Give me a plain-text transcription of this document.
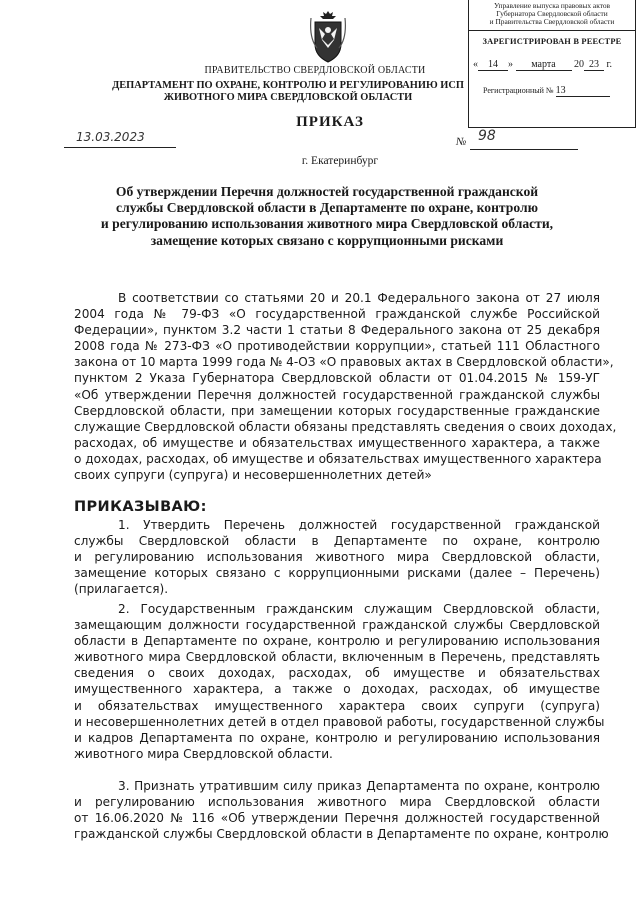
Управление выпуска правовых актов
Губернатора Свердловской области
и Правительства Свердловской области
ЗАРЕГИСТРИРОВАН В РЕЕСТРЕ
« 14 » марта 20 23 г.
Регистрационный № 13
ПРАВИТЕЛЬСТВО СВЕРДЛОВСКОЙ ОБЛАСТИ
ДЕПАРТАМЕНТ ПО ОХРАНЕ, КОНТРОЛЮ И РЕГУЛИРОВАНИЮ ИСП
ЖИВОТНОГО МИРА СВЕРДЛОВСКОЙ ОБЛАСТИ
ПРИКАЗ
13.03.2023	№ 98
г. Екатеринбург
Об утверждении Перечня должностей государственной гражданской
службы Свердловской области в Департаменте по охране, контролю
и регулированию использования животного мира Свердловской области,
замещение которых связано с коррупционными рисками
В соответствии со статьями 20 и 20.1 Федерального закона от 27 июля
2004 года № 79-ФЗ «О государственной гражданской службе Российской
Федерации», пунктом 3.2 части 1 статьи 8 Федерального закона от 25 декабря
2008 года № 273-ФЗ «О противодействии коррупции», статьей 111 Областного
закона от 10 марта 1999 года № 4-ОЗ «О правовых актах в Свердловской области»,
пунктом 2 Указа Губернатора Свердловской области от 01.04.2015 № 159-УГ
«Об утверждении Перечня должностей государственной гражданской службы
Свердловской области, при замещении которых государственные гражданские
служащие Свердловской области обязаны представлять сведения о своих доходах,
расходах, об имуществе и обязательствах имущественного характера, а также
о доходах, расходах, об имуществе и обязательствах имущественного характера
своих супруги (супруга) и несовершеннолетних детей»
ПРИКАЗЫВАЮ:
1. Утвердить Перечень должностей государственной гражданской
службы Свердловской области в Департаменте по охране, контролю
и регулированию использования животного мира Свердловской области,
замещение которых связано с коррупционными рисками (далее – Перечень)
(прилагается).
2. Государственным гражданским служащим Свердловской области,
замещающим должности государственной гражданской службы Свердловской
области в Департаменте по охране, контролю и регулированию использования
животного мира Свердловской области, включенным в Перечень, представлять
сведения о своих доходах, расходах, об имуществе и обязательствах
имущественного характера, а также о доходах, расходах, об имуществе
и обязательствах имущественного характера своих супруги (супруга)
и несовершеннолетних детей в отдел правовой работы, государственной службы
и кадров Департамента по охране, контролю и регулированию использования
животного мира Свердловской области.
3. Признать утратившим силу приказ Департамента по охране, контролю
и регулированию использования животного мира Свердловской области
от 16.06.2020 № 116 «Об утверждении Перечня должностей государственной
гражданской службы Свердловской области в Департаменте по охране, контролю
